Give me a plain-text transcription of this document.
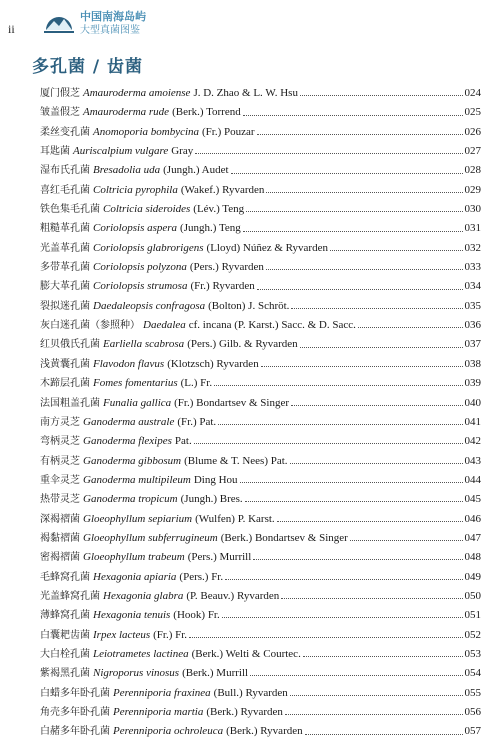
ii
中国南海岛屿
大型真菌图鉴
多孔菌 / 齿菌
厦门假芝 Amauroderma amoiense J. D. Zhao & L. W. Hsu	024
皱盖假芝 Amauroderma rude (Berk.) Torrend	025
柔丝变孔菌 Anomoporia bombycina (Fr.) Pouzar	026
耳匙菌 Auriscalpium vulgare Gray	027
湿布氏孔菌 Bresadolia uda (Jungh.) Audet	028
喜红毛孔菌 Coltricia pyrophila (Wakef.) Ryvarden	029
铁色集毛孔菌 Coltricia sideroides (Lév.) Teng	030
粗糙革孔菌 Coriolopsis aspera (Jungh.) Teng	031
光盖革孔菌 Coriolopsis glabrorigens (Lloyd) Núñez & Ryvarden	032
多带革孔菌 Coriolopsis polyzona (Pers.) Ryvarden	033
膨大革孔菌 Coriolopsis strumosa (Fr.) Ryvarden	034
裂拟迷孔菌 Daedaleopsis confragosa (Bolton) J. Schröt.	035
灰白迷孔菌（参照种） Daedalea cf. incana (P. Karst.) Sacc. & D. Sacc.	036
红贝俄氏孔菌 Earliella scabrosa (Pers.) Gilb. & Ryvarden	037
浅黄囊孔菌 Flavodon flavus (Klotzsch) Ryvarden	038
木蹄层孔菌 Fomes fomentarius (L.) Fr.	039
法国粗盖孔菌 Funalia gallica (Fr.) Bondartsev & Singer	040
南方灵芝 Ganoderma australe (Fr.) Pat.	041
弯柄灵芝 Ganoderma flexipes Pat.	042
有柄灵芝 Ganoderma gibbosum (Blume & T. Nees) Pat.	043
重伞灵芝 Ganoderma multipileum Ding Hou	044
热带灵芝 Ganoderma tropicum (Jungh.) Bres.	045
深褐褶菌 Gloeophyllum sepiarium (Wulfen) P. Karst.	046
褐黏褶菌 Gloeophyllum subferrugineum (Berk.) Bondartsev & Singer	047
密褐褶菌 Gloeophyllum trabeum (Pers.) Murrill	048
毛蜂窝孔菌 Hexagonia apiaria (Pers.) Fr.	049
光盖蜂窝孔菌 Hexagonia glabra (P. Beauv.) Ryvarden	050
薄蜂窝孔菌 Hexagonia tenuis (Hook) Fr.	051
白囊耙齿菌 Irpex lacteus (Fr.) Fr.	052
大白栓孔菌 Leiotrametes lactinea (Berk.) Welti & Courtec.	053
紫褐黑孔菌 Nigroporus vinosus (Berk.) Murrill	054
白蜡多年卧孔菌 Perenniporia fraxinea (Bull.) Ryvarden	055
角壳多年卧孔菌 Perenniporia martia (Berk.) Ryvarden	056
白赭多年卧孔菌 Perenniporia ochroleuca (Berk.) Ryvarden	057
